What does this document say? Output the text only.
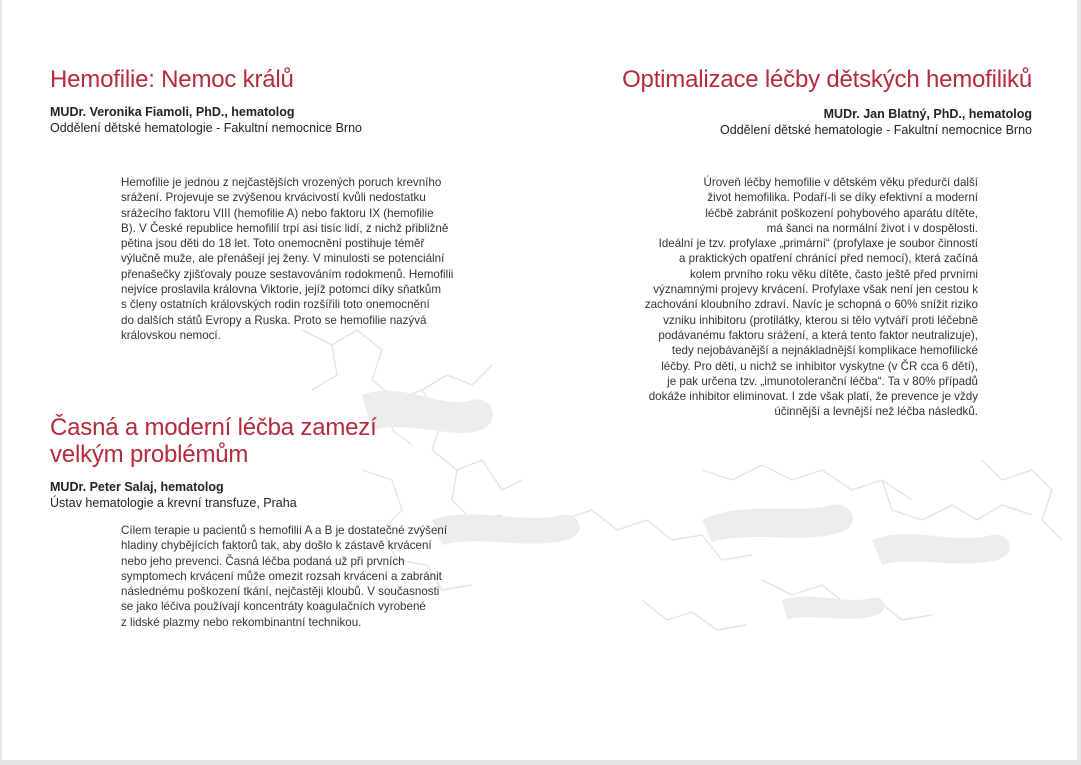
Hemofilie: Nemoc králů
MUDr. Veronika Fiamoli, PhD., hematolog
Oddělení dětské hematologie - Fakultní nemocnice Brno
Hemofilie je jednou z nejčastějších vrozených poruch krevního
srážení. Projevuje se zvýšenou krvácivostí kvůli nedostatku
srážecího faktoru VIII (hemofilie A) nebo faktoru IX (hemofilie
B). V České republice hemofilií trpí asi tisíc lidí, z nichž přibližně
pětina jsou děti do 18 let. Toto onemocnění postihuje téměř
výlučně muže, ale přenášejí jej ženy. V minulosti se potenciální
přenašečky zjišťovaly pouze sestavováním rodokmenů. Hemofilii
nejvíce proslavila královna Viktorie, jejíž potomci díky sňatkům
s členy ostatních královských rodin rozšířili toto onemocnění
do dalších států Evropy a Ruska. Proto se hemofilie nazývá
královskou nemocí.
Časná a moderní léčba zamezí
velkým problémům
MUDr. Peter Salaj, hematolog
Ústav hematologie a krevní transfuze, Praha
Cílem terapie u pacientů s hemofilií A a B je dostatečné zvýšení
hladiny chybějících faktorů tak, aby došlo k zástavě krvácení
nebo jeho prevenci. Časná léčba podaná už při prvních
symptomech krvácení může omezit rozsah krvácení a zabránit
následnému poškození tkání, nejčastěji kloubů. V současnosti
se jako léčiva používají koncentráty koagulačních vyrobené
z lidské plazmy nebo rekombinantní technikou.
Optimalizace léčby dětských hemofiliků
MUDr. Jan Blatný, PhD., hematolog
Oddělení dětské hematologie - Fakultní nemocnice Brno
Úroveň léčby hemofilie v dětském věku předurčí další
život hemofilika. Podaří-li se díky efektivní a moderní
léčbě zabránit poškození pohybového aparátu dítěte,
má šanci na normální život i v dospělosti.
Ideální je tzv. profylaxe „primární“ (profylaxe je soubor činností
a praktických opatření chránící před nemocí), která začíná
kolem prvního roku věku dítěte, často ještě před prvními
významnými projevy krvácení. Profylaxe však není jen cestou k
zachování kloubního zdraví. Navíc je schopná o 60% snížit riziko
vzniku inhibitoru (protilátky, kterou si tělo vytváří proti léčebně
podávanému faktoru srážení, a která tento faktor neutralizuje),
tedy nejobávanější a nejnákladnější komplikace hemofilické
léčby. Pro děti, u nichž se inhibitor vyskytne (v ČR cca 6 dětí),
je pak určena tzv. „imunotoleranční léčba“. Ta v 80% případů
dokáže inhibitor eliminovat. I zde však platí, že prevence je vždy
účinnější a levnější než léčba následků.
